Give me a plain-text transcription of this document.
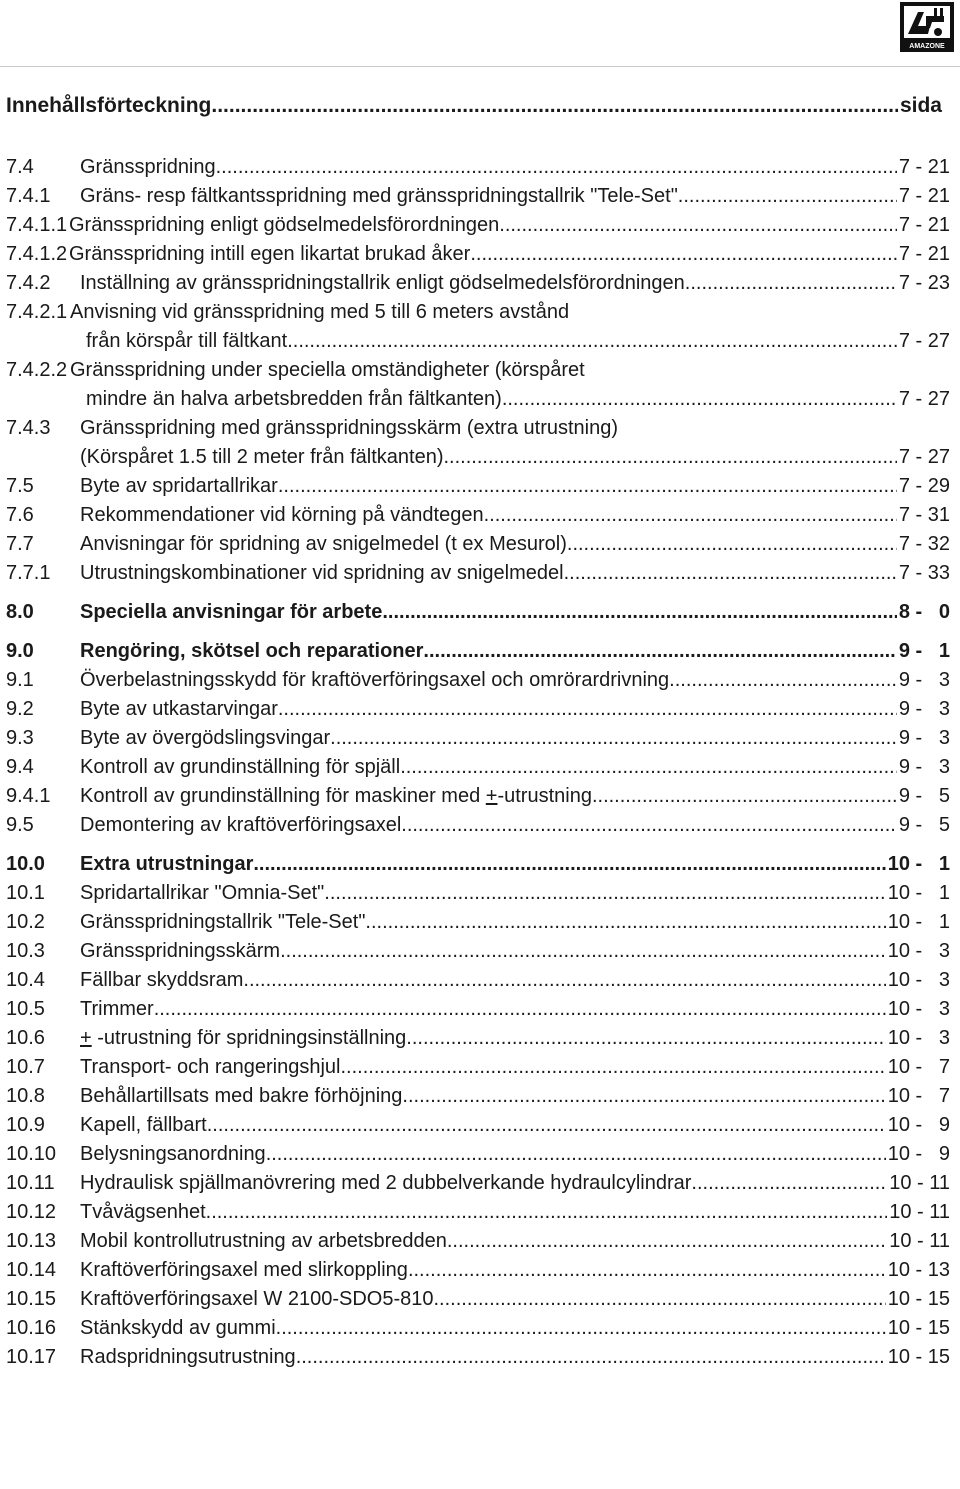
AMAZONE
Innehållsförteckning .....	sida
7.4 Gränsspridning .....	7 - 21
7.4.1 Gräns- resp fältkantsspridning med gränsspridningstallrik "Tele-Set" .....	7 - 21
7.4.1.1 Gränsspridning enligt gödselmedelsförordningen .....	7 - 21
7.4.1.2 Gränsspridning intill egen likartat brukad åker .....	7 - 21
7.4.2 Inställning av gränsspridningstallrik enligt gödselmedelsförordningen .....	7 - 23
7.4.2.1 Anvisning vid gränsspridning med 5 till 6 meters avstånd
från körspår till fältkant .....	7 - 27
7.4.2.2 Gränsspridning under speciella omständigheter (körspåret
mindre än halva arbetsbredden från fältkanten) .....	7 - 27
7.4.3 Gränsspridning med gränsspridningsskärm (extra utrustning)
(Körspåret 1.5 till 2 meter från fältkanten) .....	7 - 27
7.5 Byte av spridartallrikar .....	7 - 29
7.6 Rekommendationer vid körning på vändtegen .....	7 - 31
7.7 Anvisningar för spridning av snigelmedel (t ex Mesurol) .....	7 - 32
7.7.1 Utrustningskombinationer vid spridning av snigelmedel .....	7 - 33
8.0 Speciella anvisningar för arbete .....	8 -   0
9.0 Rengöring, skötsel och reparationer .....	9 -   1
9.1 Överbelastningsskydd för kraftöverföringsaxel och omrörardrivning .....	9 -   3
9.2 Byte av utkastarvingar .....	9 -   3
9.3 Byte av övergödslingsvingar .....	9 -   3
9.4 Kontroll av grundinställning för spjäll .....	9 -   3
9.4.1 Kontroll av grundinställning för maskiner med + -utrustning .....	9 -   5
9.5 Demontering av kraftöverföringsaxel .....	9 -   5
10.0 Extra utrustningar .....	10 -   1
10.1 Spridartallrikar "Omnia-Set" .....	10 -   1
10.2 Gränsspridningstallrik "Tele-Set" .....	10 -   1
10.3 Gränsspridningsskärm .....	10 -   3
10.4 Fällbar skyddsram .....	10 -   3
10.5 Trimmer .....	10 -   3
10.6 + -utrustning för spridningsinställning .....	10 -   3
10.7 Transport- och rangeringshjul .....	10 -   7
10.8 Behållartillsats med bakre förhöjning .....	10 -   7
10.9 Kapell, fällbart .....	10 -   9
10.10 Belysningsanordning .....	10 -   9
10.11 Hydraulisk spjällmanövrering med 2 dubbelverkande hydraulcylindrar .....	10 - 11
10.12 Tvåvägsenhet .....	10 - 11
10.13 Mobil kontrollutrustning av arbetsbredden .....	10 - 11
10.14 Kraftöverföringsaxel med slirkoppling .....	10 - 13
10.15 Kraftöverföringsaxel W 2100-SDO5-810 .....	10 - 15
10.16 Stänkskydd av gummi .....	10 - 15
10.17 Radspridningsutrustning .....	10 - 15
